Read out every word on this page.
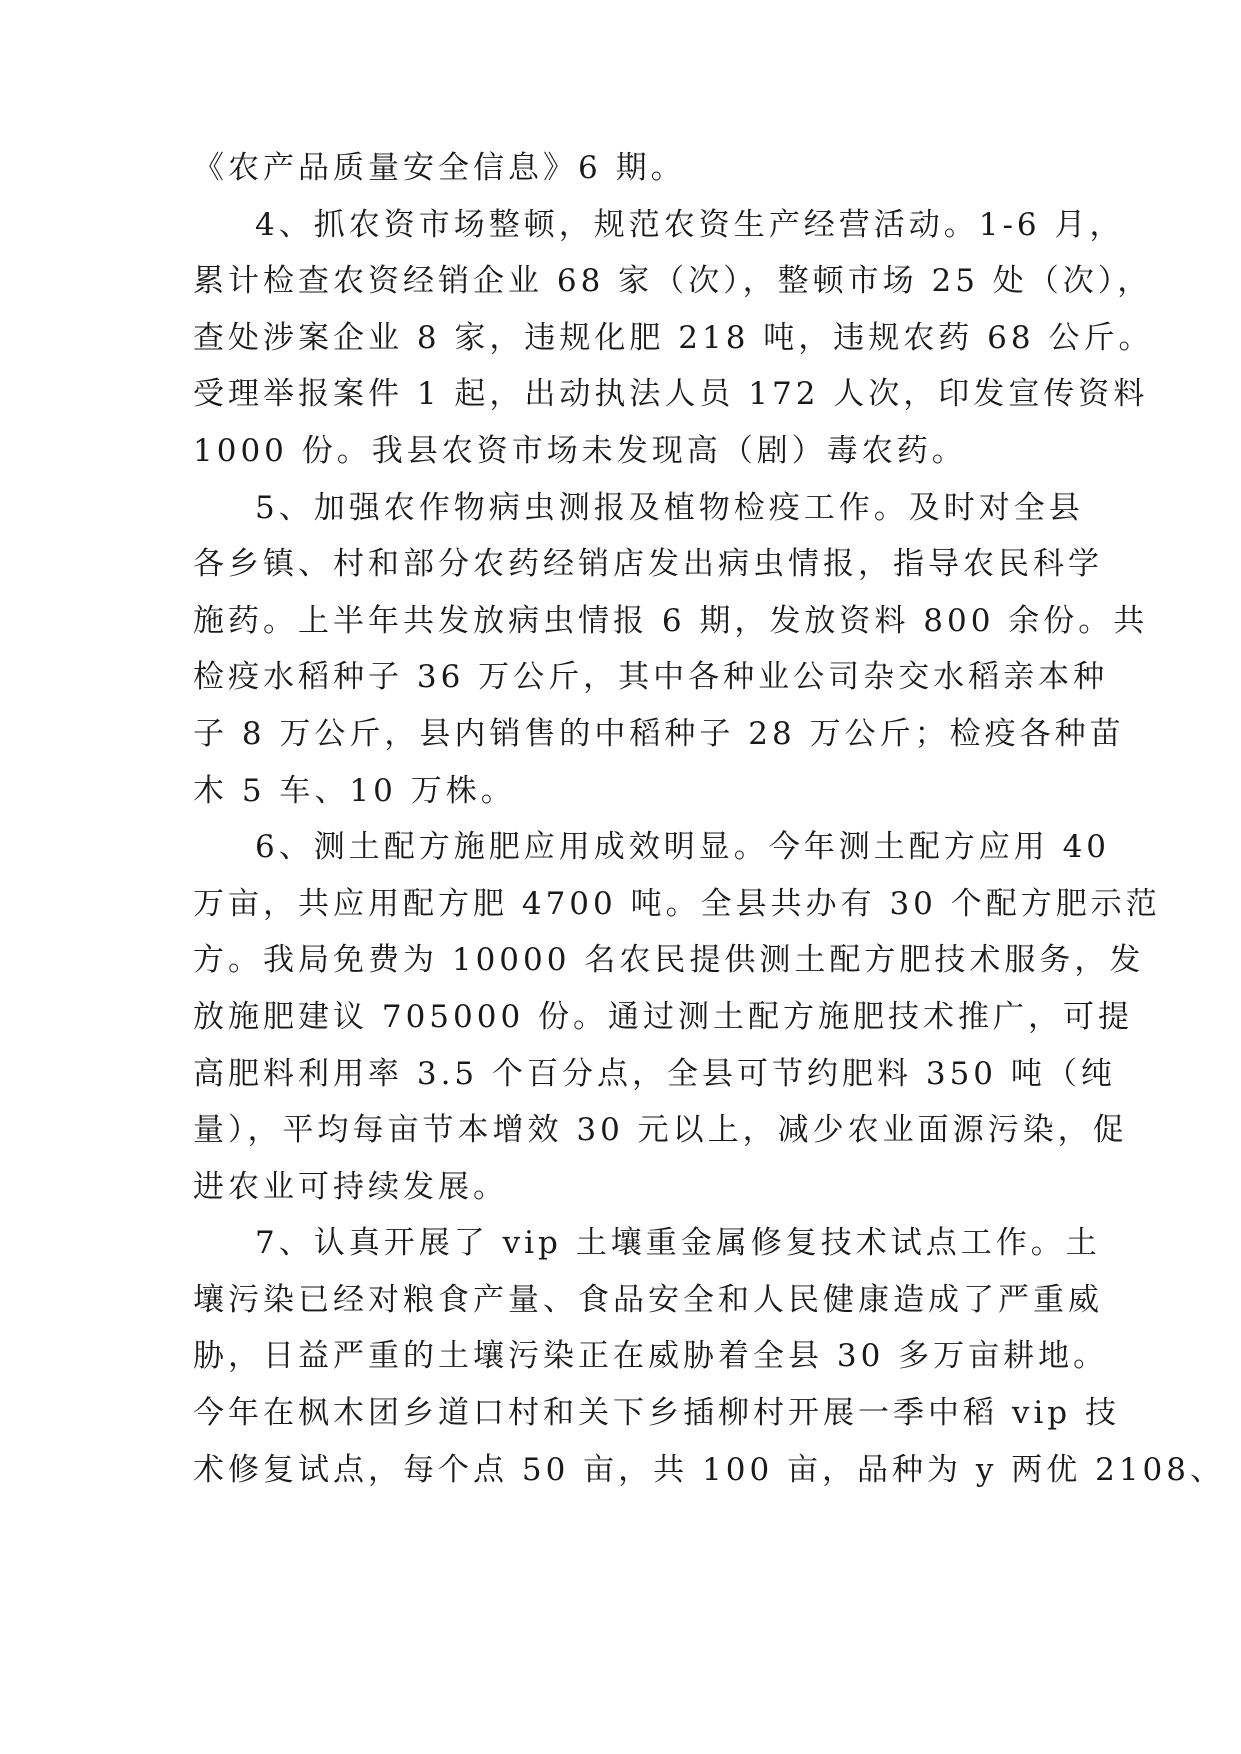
《农产品质量安全信息》6 期。
4、抓农资市场整顿，规范农资生产经营活动。1-6 月，
累计检查农资经销企业 68 家（次），整顿市场 25 处（次），
查处涉案企业 8 家，违规化肥 218 吨，违规农药 68 公斤。
受理举报案件 1 起，出动执法人员 172 人次，印发宣传资料
1000 份。我县农资市场未发现高（剧）毒农药。
5、加强农作物病虫测报及植物检疫工作。及时对全县
各乡镇、村和部分农药经销店发出病虫情报，指导农民科学
施药。上半年共发放病虫情报 6 期，发放资料 800 余份。共
检疫水稻种子 36 万公斤，其中各种业公司杂交水稻亲本种
子 8 万公斤，县内销售的中稻种子 28 万公斤；检疫各种苗
木 5 车、10 万株。
6、测土配方施肥应用成效明显。今年测土配方应用 40
万亩，共应用配方肥 4700 吨。全县共办有 30 个配方肥示范
方。我局免费为 10000 名农民提供测土配方肥技术服务，发
放施肥建议 705000 份。通过测土配方施肥技术推广，可提
高肥料利用率 3.5 个百分点，全县可节约肥料 350 吨（纯
量），平均每亩节本增效 30 元以上，减少农业面源污染，促
进农业可持续发展。
7、认真开展了 vip 土壤重金属修复技术试点工作。土
壤污染已经对粮食产量、食品安全和人民健康造成了严重威
胁，日益严重的土壤污染正在威胁着全县 30 多万亩耕地。
今年在枫木团乡道口村和关下乡插柳村开展一季中稻 vip 技
术修复试点，每个点 50 亩，共 100 亩，品种为 y 两优 2108、
